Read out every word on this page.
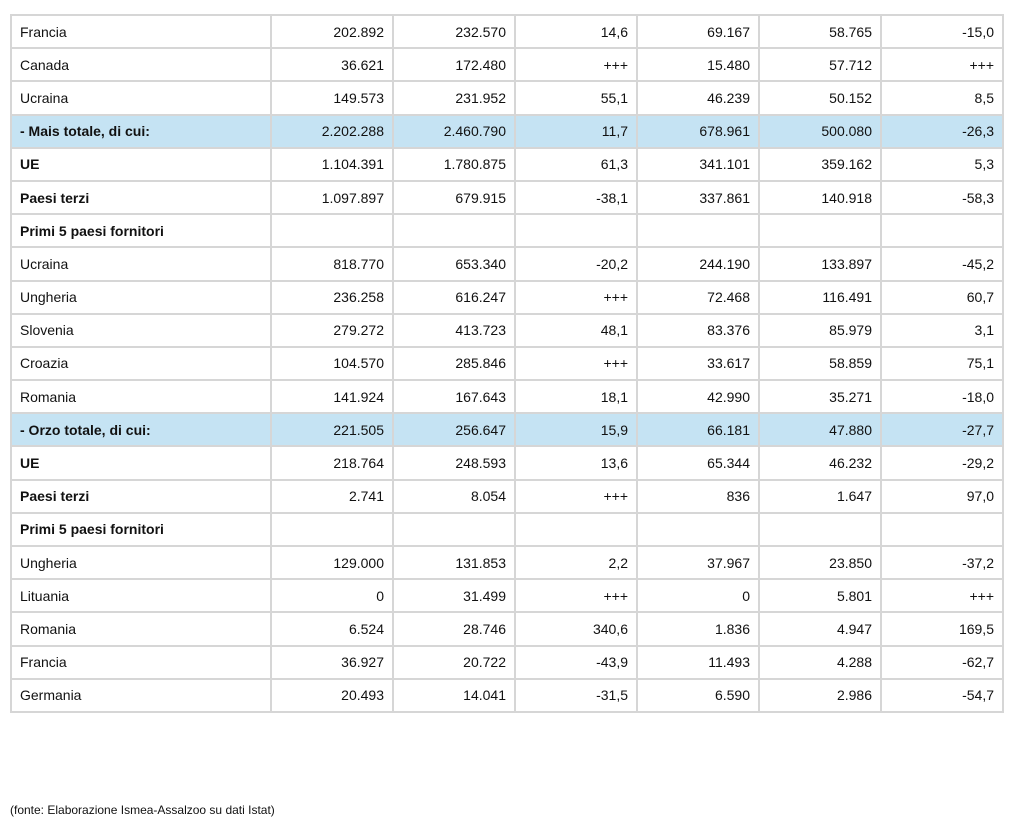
Francia	202.892	232.570	14,6	69.167	58.765	-15,0
Canada	36.621	172.480	+++	15.480	57.712	+++
Ucraina	149.573	231.952	55,1	46.239	50.152	8,5
- Mais totale, di cui:	2.202.288	2.460.790	11,7	678.961	500.080	-26,3
UE	1.104.391	1.780.875	61,3	341.101	359.162	5,3
Paesi terzi	1.097.897	679.915	-38,1	337.861	140.918	-58,3
Primi 5 paesi fornitori						
Ucraina	818.770	653.340	-20,2	244.190	133.897	-45,2
Ungheria	236.258	616.247	+++	72.468	116.491	60,7
Slovenia	279.272	413.723	48,1	83.376	85.979	3,1
Croazia	104.570	285.846	+++	33.617	58.859	75,1
Romania	141.924	167.643	18,1	42.990	35.271	-18,0
- Orzo totale, di cui:	221.505	256.647	15,9	66.181	47.880	-27,7
UE	218.764	248.593	13,6	65.344	46.232	-29,2
Paesi terzi	2.741	8.054	+++	836	1.647	97,0
Primi 5 paesi fornitori						
Ungheria	129.000	131.853	2,2	37.967	23.850	-37,2
Lituania	0	31.499	+++	0	5.801	+++
Romania	6.524	28.746	340,6	1.836	4.947	169,5
Francia	36.927	20.722	-43,9	11.493	4.288	-62,7
Germania	20.493	14.041	-31,5	6.590	2.986	-54,7
(fonte: Elaborazione Ismea-Assalzoo su dati Istat)
